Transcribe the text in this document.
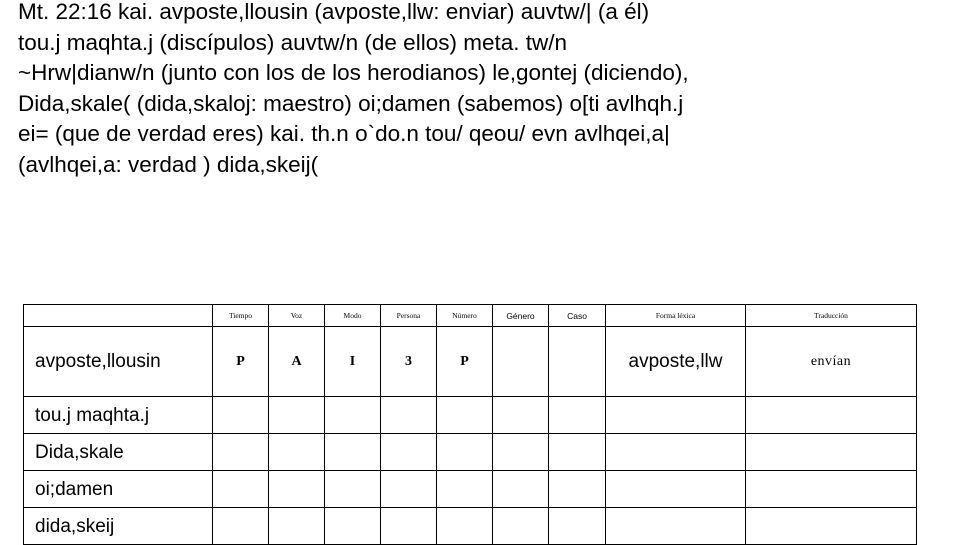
Mt. 22:16 kai. avposte,llousin (avposte,llw: enviar) auvtw/| (a él)
tou.j maqhta.j (discípulos) auvtw/n (de ellos) meta. tw/n
~Hrw|dianw/n (junto con los de los herodianos) le,gontej (diciendo),
Dida,skale( (dida,skaloj: maestro) oi;damen (sabemos) o[ti avlhqh.j
ei= (que de verdad eres) kai. th.n o`do.n tou/ qeou/ evn avlhqei,a|
(avlhqei,a: verdad ) dida,skeij(
	Tiempo	Voz	Modo	Persona	Número	Género	Caso	Forma léxica	Traducción
avposte,llousin	P	A	I	3	P			avposte,llw	envían
tou.j maqhta.j									
Dida,skale									
oi;damen									
dida,skeij									
